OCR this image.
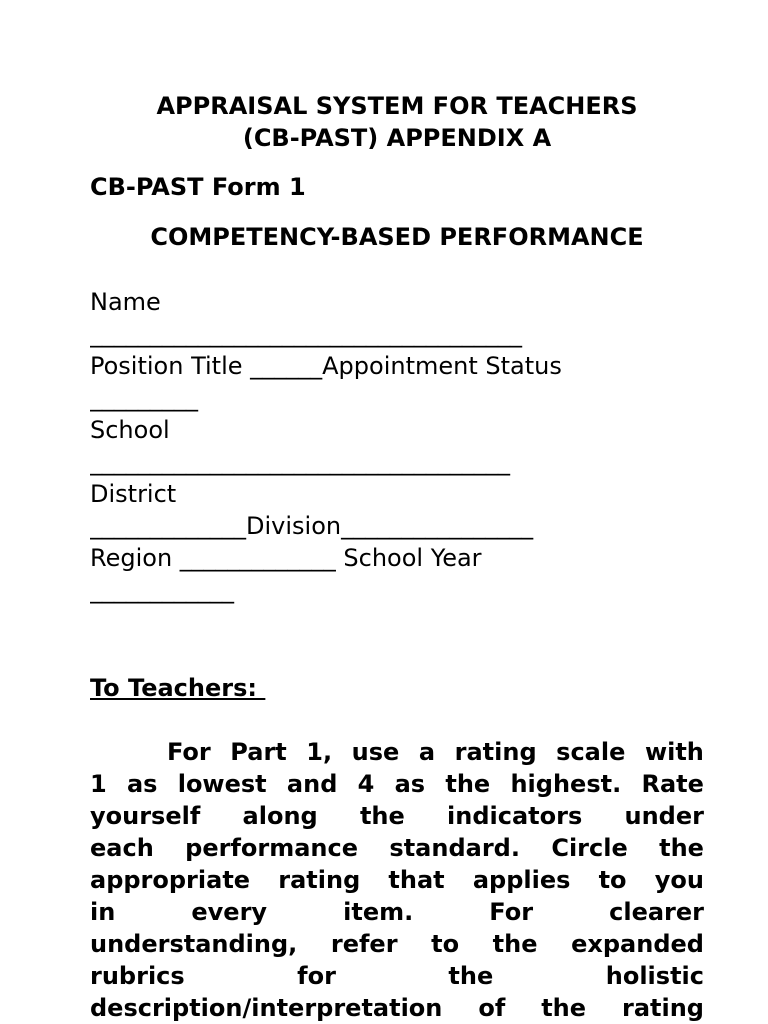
APPRAISAL SYSTEM FOR TEACHERS
(CB-PAST) APPENDIX A
CB-PAST Form 1
COMPETENCY-BASED PERFORMANCE
Name
____________________________________
Position Title ______Appointment Status
_________
School
___________________________________
District
_____________Division________________
Region _____________ School Year
____________
To Teachers:
For Part 1, use a rating scale with
1 as lowest and 4 as the highest. Rate
yourself along the indicators under
each performance standard. Circle the
appropriate rating that applies to you
in	every	item.	For	clearer
understanding, refer to the expanded
rubrics	for	the	holistic
description/interpretation of the rating
